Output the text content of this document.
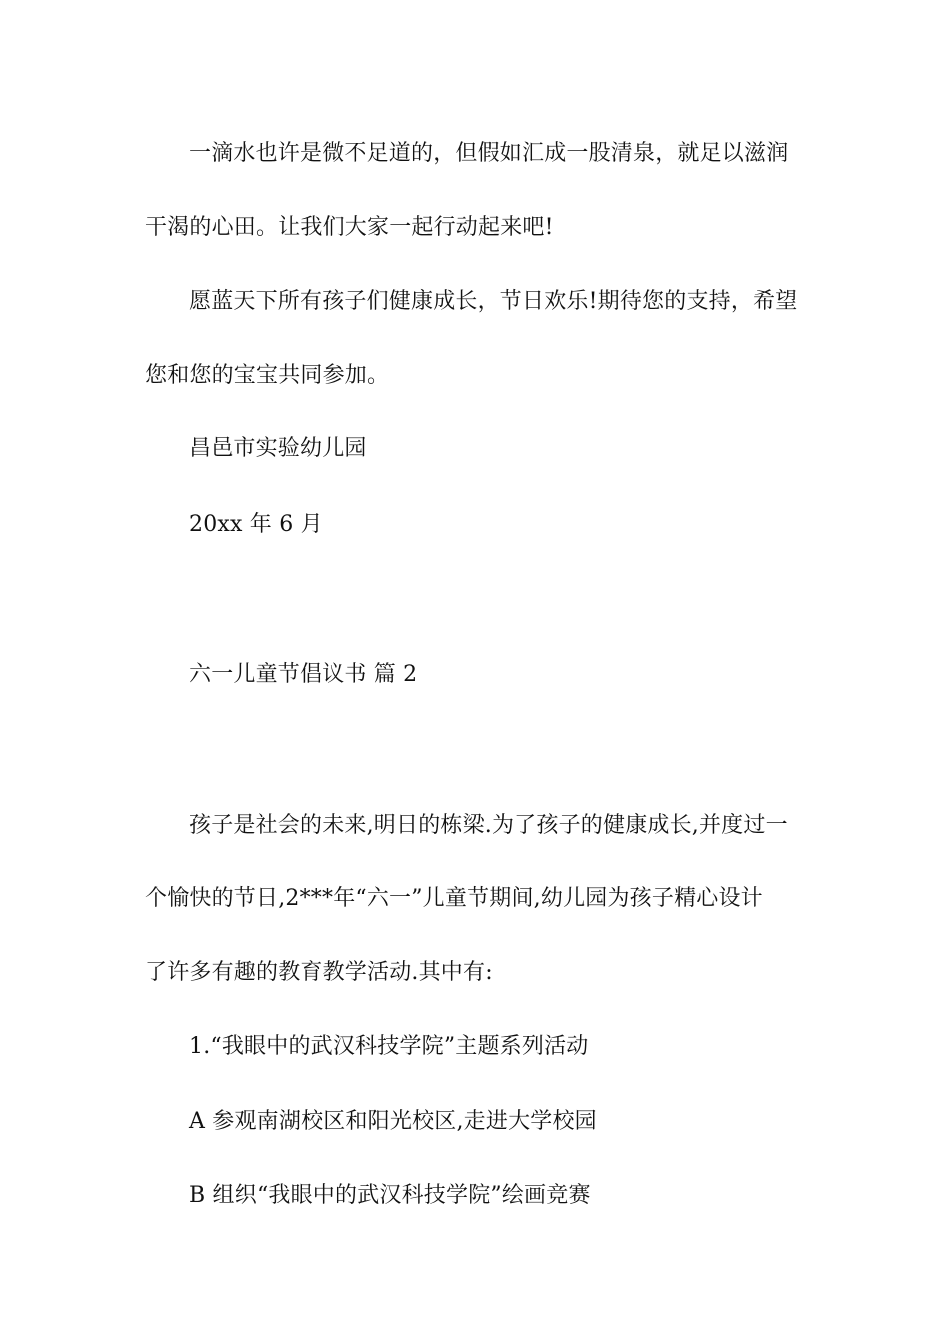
一滴水也许是微不足道的，但假如汇成一股清泉，就足以滋润
干渴的心田。让我们大家一起行动起来吧!
愿蓝天下所有孩子们健康成长，节日欢乐!期待您的支持，希望
您和您的宝宝共同参加。
昌邑市实验幼儿园
20xx 年 6 月
六一儿童节倡议书 篇 2
孩子是社会的未来,明日的栋梁.为了孩子的健康成长,并度过一
个愉快的节日,2***年“六一”儿童节期间,幼儿园为孩子精心设计
了许多有趣的教育教学活动.其中有:
1.“我眼中的武汉科技学院”主题系列活动
A 参观南湖校区和阳光校区,走进大学校园
B 组织“我眼中的武汉科技学院”绘画竞赛
